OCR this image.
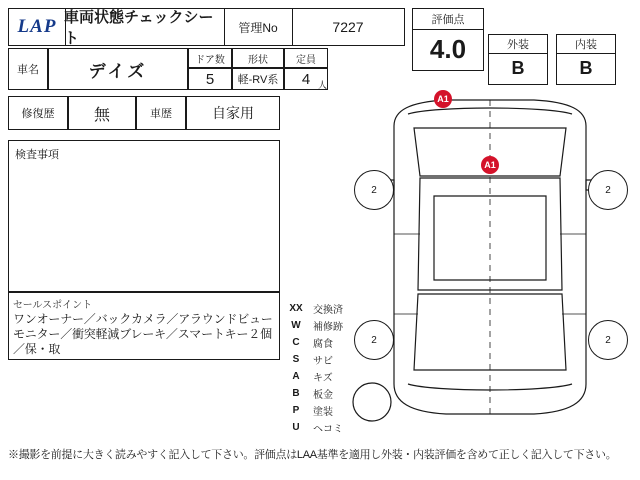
LAP 車両状態チェックシート
管理No	7227	評価点
4.0	外装
B
内装
B
車名	デイズ
ドア数
5
形状
軽-RV系
定員
4 人
修復歴	無	車歴	自家用
検査事項
セールスポイント
ワンオーナー／バックカメラ／アラウンドビューモニター／衝突軽減ブレーキ／スマートキー２個／保・取
XX	交換済
W	補修跡
C	腐食
S	サビ
A	キズ
B	板金
P	塗装
U	ヘコミ
2	2
2	2
A1
A1
※撮影を前提に大きく読みやすく記入して下さい。評価点はLAA基準を適用し外装・内装評価を含めて正しく記入して下さい。
